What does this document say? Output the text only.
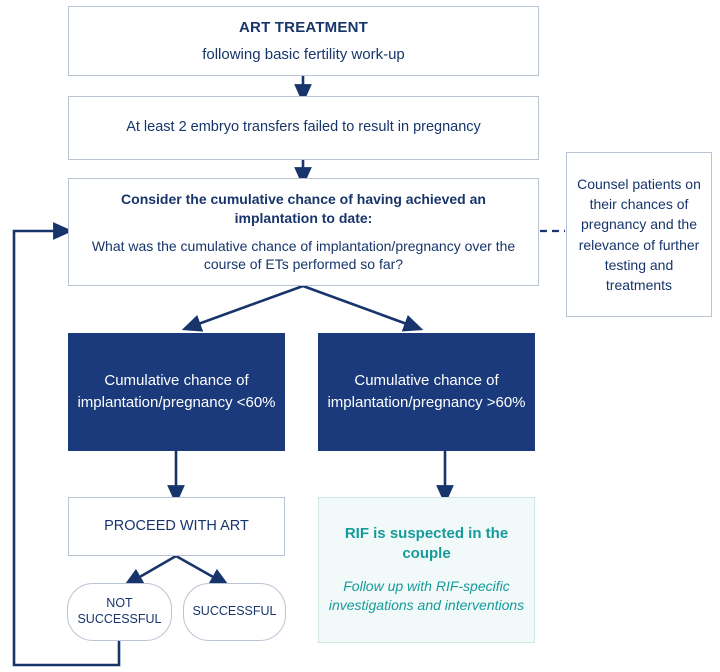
ART TREATMENT
following basic fertility work-up
At least 2 embryo transfers failed to result in pregnancy
Consider the cumulative chance of having achieved an implantation to date:
What was the cumulative chance of implantation/pregnancy over the course of ETs performed so far?
Counsel patients on their chances of pregnancy and the relevance of further testing and treatments
Cumulative chance of implantation/pregnancy <60%
Cumulative chance of implantation/pregnancy >60%
PROCEED WITH ART	RIF is suspected in the couple
Follow up with RIF-specific investigations and interventions
NOT SUCCESSFUL
SUCCESSFUL
